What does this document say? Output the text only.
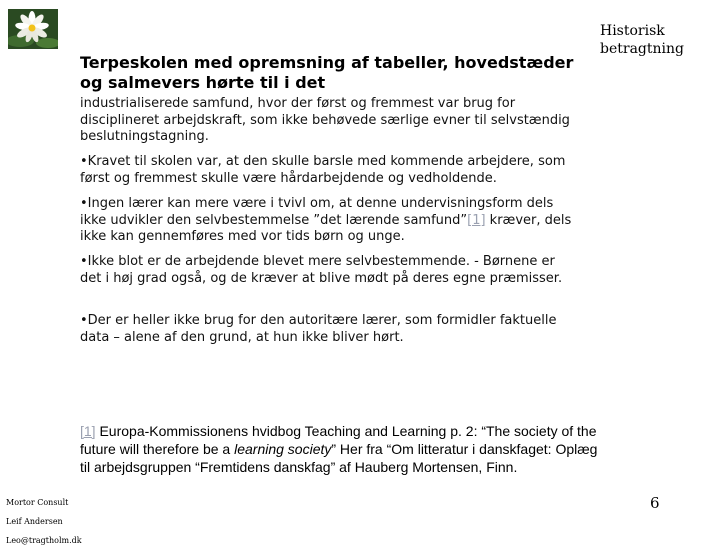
Historisk betragtning
Terpeskolen med opremsning af tabeller, hovedstæder og salmevers hørte til i det

industrialiserede samfund, hvor der først og fremmest var brug for disciplineret arbejdskraft, som ikke behøvede særlige evner til selvstændig beslutningstagning.

•Kravet til skolen var, at den skulle barsle med kommende arbejdere, som først og fremmest skulle være hårdarbejdende og vedholdende.

•Ingen lærer kan mere være i tvivl om, at denne undervisningsform dels ikke udvikler den selvbestemmelse ”det lærende samfund”[1] kræver, dels ikke kan gennemføres med vor tids børn og unge.

•Ikke blot er de arbejdende blevet mere selvbestemmende. - Børnene er det i høj grad også, og de kræver at blive mødt på deres egne præmisser.

•Der er heller ikke brug for den autoritære lærer, som formidler faktuelle data – alene af den grund, at hun ikke bliver hørt.

[1] Europa-Kommissionens hvidbog Teaching and Learning p. 2: “The society of the future will therefore be a learning society” Her fra “Om litteratur i danskfaget: Oplæg til arbejdsgruppen “Fremtidens danskfag” af Hauberg Mortensen, Finn.

Mortor Consult
Leif Andersen
Leo@tragtholm.dk
6
